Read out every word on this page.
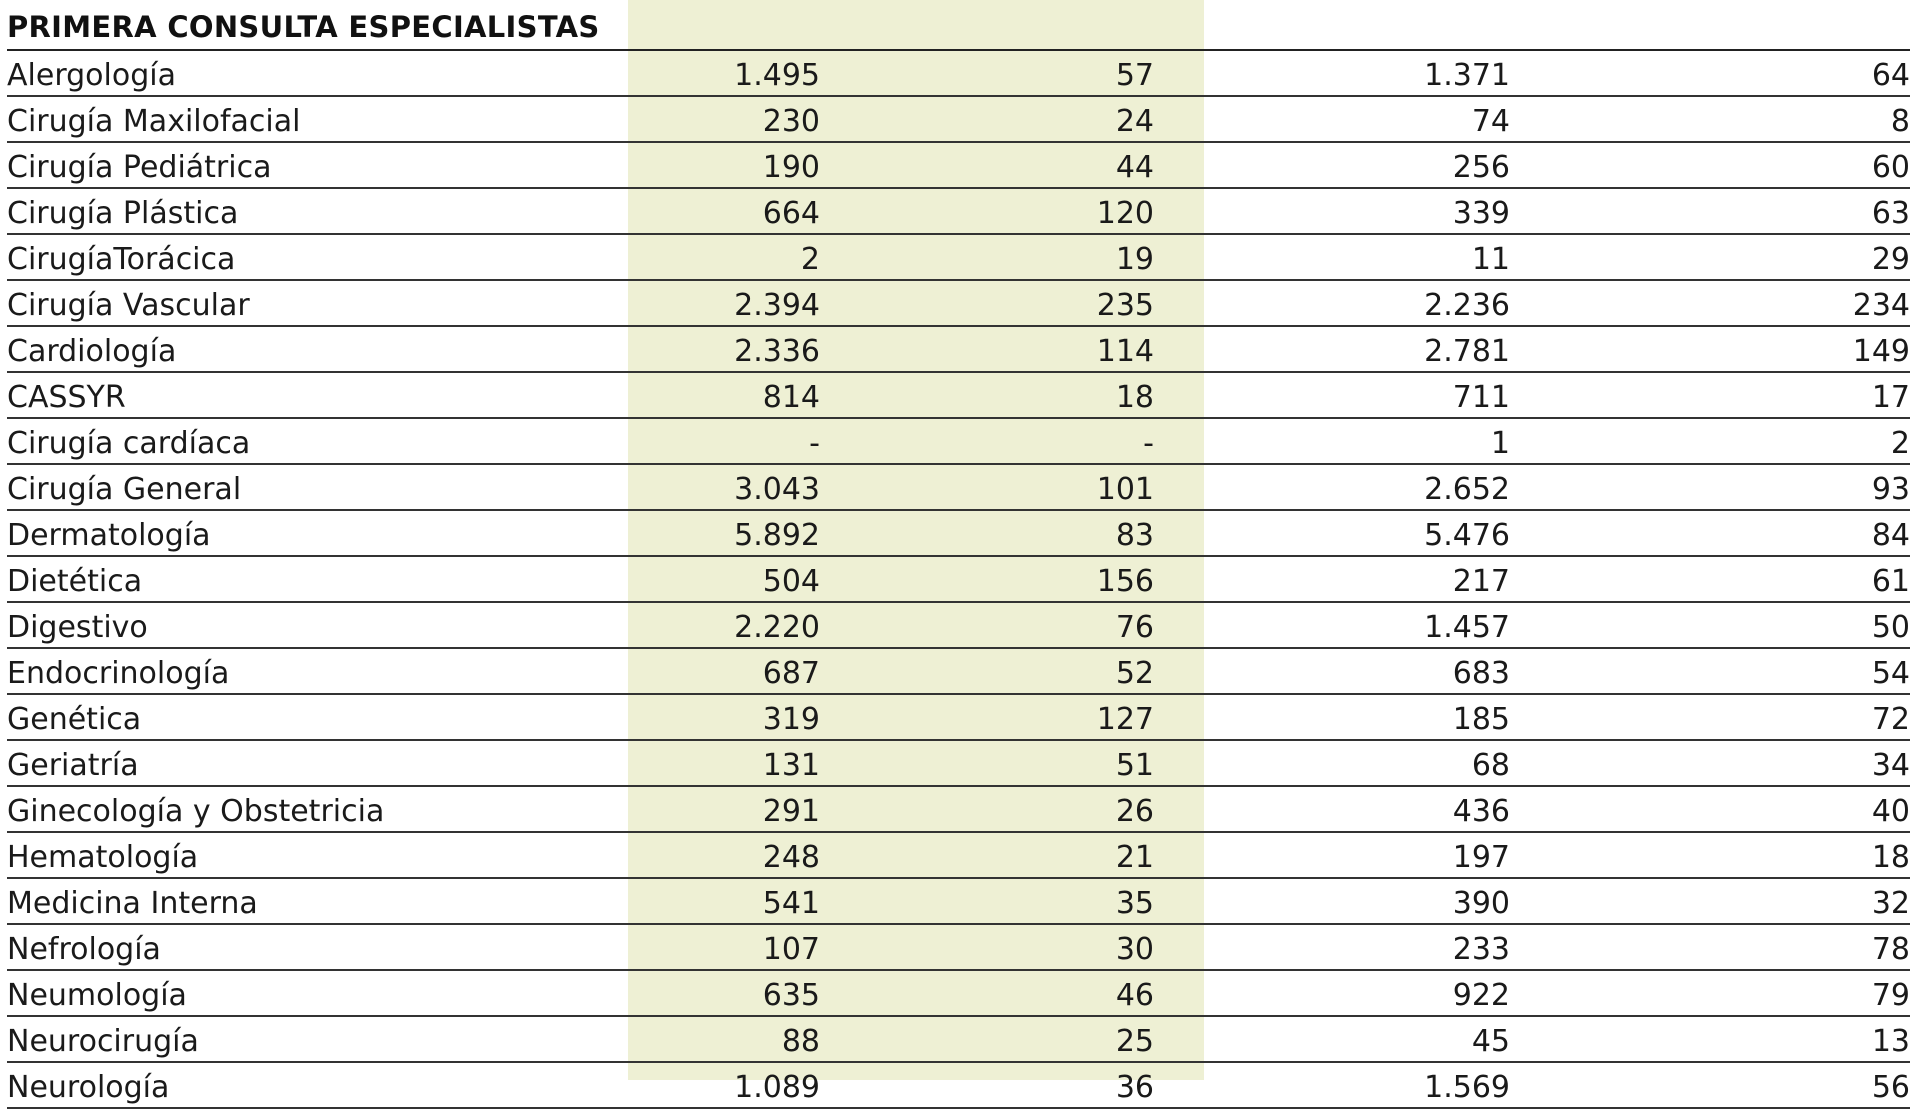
PRIMERA CONSULTA ESPECIALISTAS
Alergología	1.495	57	1.371	64
Cirugía Maxilofacial	230	24	74	8
Cirugía Pediátrica	190	44	256	60
Cirugía Plástica	664	120	339	63
CirugíaTorácica	2	19	11	29
Cirugía Vascular	2.394	235	2.236	234
Cardiología	2.336	114	2.781	149
CASSYR	814	18	711	17
Cirugía cardíaca	-	-	1	2
Cirugía General	3.043	101	2.652	93
Dermatología	5.892	83	5.476	84
Dietética	504	156	217	61
Digestivo	2.220	76	1.457	50
Endocrinología	687	52	683	54
Genética	319	127	185	72
Geriatría	131	51	68	34
Ginecología y Obstetricia	291	26	436	40
Hematología	248	21	197	18
Medicina Interna	541	35	390	32
Nefrología	107	30	233	78
Neumología	635	46	922	79
Neurocirugía	88	25	45	13
Neurología	1.089	36	1.569	56
